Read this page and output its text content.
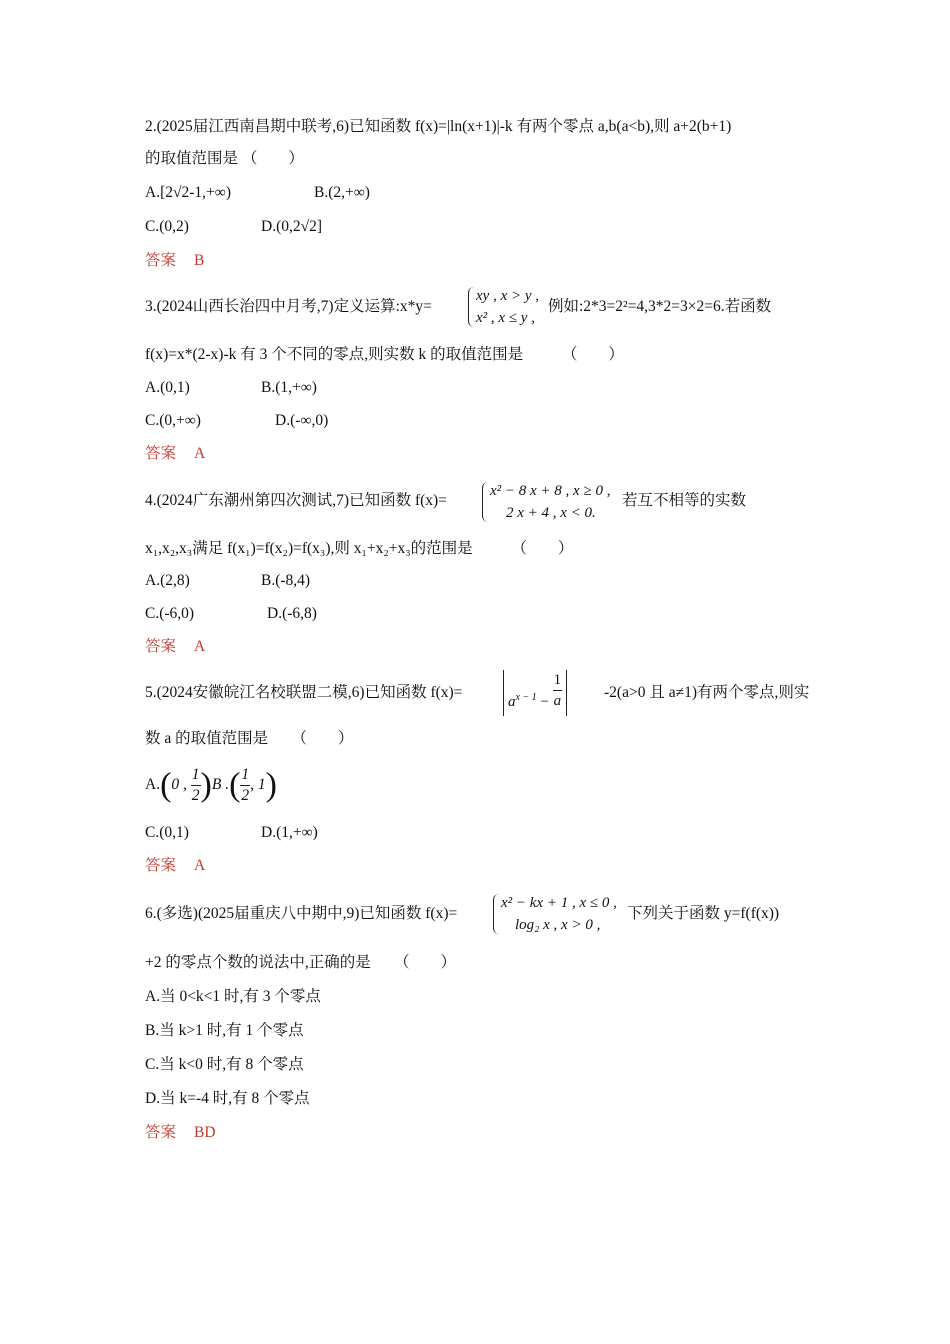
2.(2025届江西南昌期中联考,6)已知函数 f(x)=|ln(x+1)|-k 有两个零点 a,b(a<b),则 a+2(b+1)
的取值范围是 （　　）
A.[2√2-1,+∞)	B.(2,+∞)
C.(0,2)	D.(0,2√2]
答案 B
3.(2024山西长治四中月考,7)定义运算:x*y=
xy , x > y ,
x² , x ≤ y ,
例如:2*3=2²=4,3*2=3×2=6.若函数
f(x)=x*(2-x)-k 有 3 个不同的零点,则实数 k 的取值范围是　　　（　　）
A.(0,1)	B.(1,+∞)
C.(0,+∞)	D.(-∞,0)
答案 A
4.(2024广东潮州第四次测试,7)已知函数 f(x)=
x² − 8 x + 8 , x ≥ 0 ,
2 x + 4 , x < 0.
若互不相等的实数
x₁,x₂,x₃满足 f(x₁)=f(x₂)=f(x₃),则 x₁+x₂+x₃的范围是　　　（　　）
A.(2,8)	B.(-8,4)
C.(-6,0)	D.(-6,8)
答案 A
5.(2024安徽皖江名校联盟二模,6)已知函数 f(x)=
$a^{x - 1} - \frac{1}{a}$	-2(a>0 且 a≠1)有两个零点,则实
数 a 的取值范围是　　（　　）
A.(0 , $\frac{1}{2} )B$ .( $\frac{1}{2}$ , 1)
C.(0,1)	D.(1,+∞)
答案 A
6.(多选)(2025届重庆八中期中,9)已知函数 f(x)=
x² − kx + 1 , x ≤ 0 ,
log₂ x , x > 0 ,
下列关于函数 y=f(f(x))
+2 的零点个数的说法中,正确的是　　（　　）
A.当 0<k<1 时,有 3 个零点
B.当 k>1 时,有 1 个零点
C.当 k<0 时,有 8 个零点
D.当 k=-4 时,有 8 个零点
答案 BD
